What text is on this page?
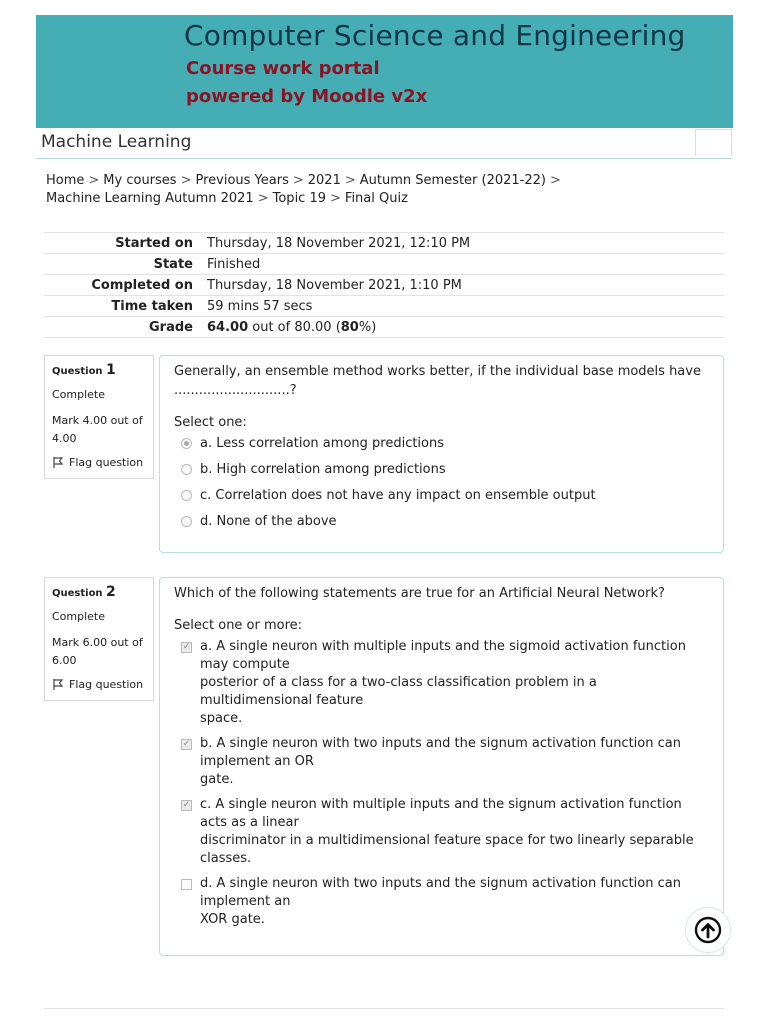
Computer Science and Engineering
Course work portal
powered by Moodle v2x
Machine Learning
Home > My courses > Previous Years > 2021 > Autumn Semester (2021-22) >
Machine Learning Autumn 2021 > Topic 19 > Final Quiz
Started on	Thursday, 18 November 2021, 12:10 PM
State	Finished
Completed on	Thursday, 18 November 2021, 1:10 PM
Time taken	59 mins 57 secs
Grade	64.00 out of 80.00 (80%)
Question 1
Complete
Mark 4.00 out of 4.00
Flag question
Generally, an ensemble method works better, if the individual base models have ............................?
Select one:
a. Less correlation among predictions
b. High correlation among predictions
c. Correlation does not have any impact on ensemble output
d. None of the above
Question 2
Complete
Mark 6.00 out of 6.00
Flag question
Which of the following statements are true for an Artificial Neural Network?
Select one or more:
✓ a. A single neuron with multiple inputs and the sigmoid activation function may compute
posterior of a class for a two-class classification problem in a multidimensional feature
space.
✓ b. A single neuron with two inputs and the signum activation function can implement an OR
gate.
✓ c. A single neuron with multiple inputs and the signum activation function acts as a linear
discriminator in a multidimensional feature space for two linearly separable
classes.
d. A single neuron with two inputs and the signum activation function can implement an
XOR gate.
